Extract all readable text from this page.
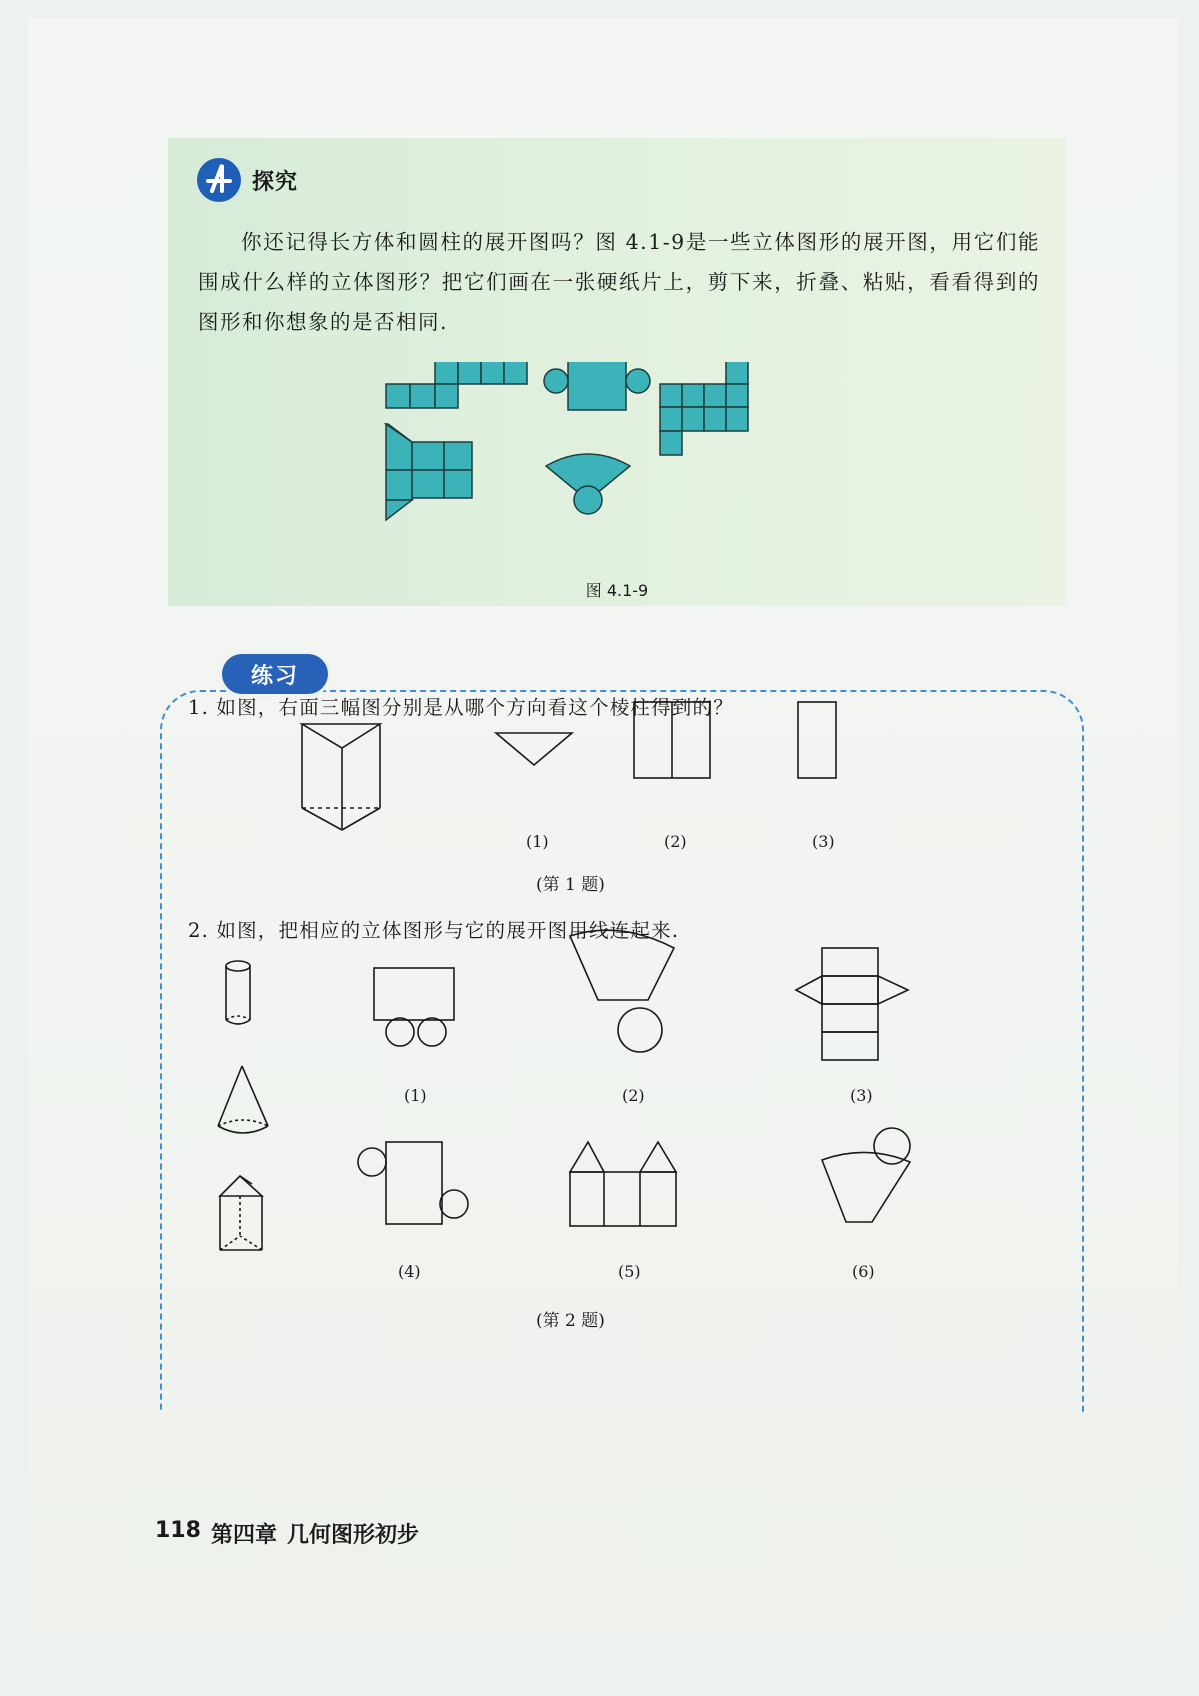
探究

你还记得长方体和圆柱的展开图吗？图 4.1-9是一些立体图形的展开图，用它们能围成什么样的立体图形？把它们画在一张硬纸片上，剪下来，折叠、粘贴，看看得到的图形和你想象的是否相同.

图 4.1-9
练习
1. 如图，右面三幅图分别是从哪个方向看这个棱柱得到的？
2. 如图，把相应的立体图形与它的展开图用线连起来.
(1)	(2)	(3)
(第 1 题)
(1)	(2)	(3)
(4)	(5)	(6)
(第 2 题)
118 第四章 几何图形初步
